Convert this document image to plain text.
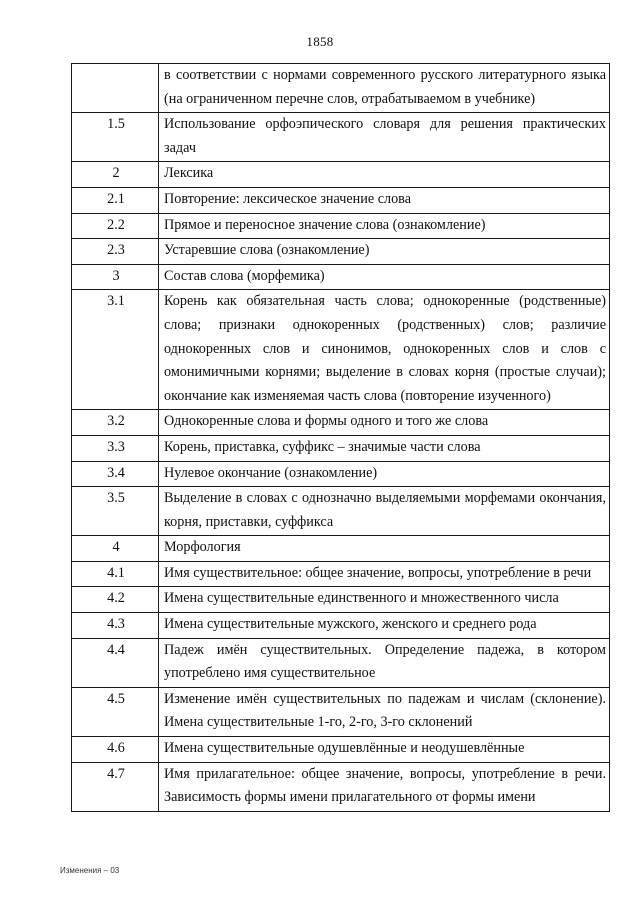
1858
	в соответствии с нормами современного русского литературного языка (на ограниченном перечне слов, отрабатываемом в учебнике)
1.5	Использование орфоэпического словаря для решения практических задач
2	Лексика
2.1	Повторение: лексическое значение слова
2.2	Прямое и переносное значение слова (ознакомление)
2.3	Устаревшие слова (ознакомление)
3	Состав слова (морфемика)
3.1	Корень как обязательная часть слова; однокоренные (родственные) слова; признаки однокоренных (родственных) слов; различие однокоренных слов и синонимов, однокоренных слов и слов с омонимичными корнями; выделение в словах корня (простые случаи); окончание как изменяемая часть слова (повторение изученного)
3.2	Однокоренные слова и формы одного и того же слова
3.3	Корень, приставка, суффикс – значимые части слова
3.4	Нулевое окончание (ознакомление)
3.5	Выделение в словах с однозначно выделяемыми морфемами окончания, корня, приставки, суффикса
4	Морфология
4.1	Имя существительное: общее значение, вопросы, употребление в речи
4.2	Имена существительные единственного и множественного числа
4.3	Имена существительные мужского, женского и среднего рода
4.4	Падеж имён существительных. Определение падежа, в котором употреблено имя существительное
4.5	Изменение имён существительных по падежам и числам (склонение). Имена существительные 1-го, 2-го, 3-го склонений
4.6	Имена существительные одушевлённые и неодушевлённые
4.7	Имя прилагательное: общее значение, вопросы, употребление в речи. Зависимость формы имени прилагательного от формы имени
Изменения – 03
